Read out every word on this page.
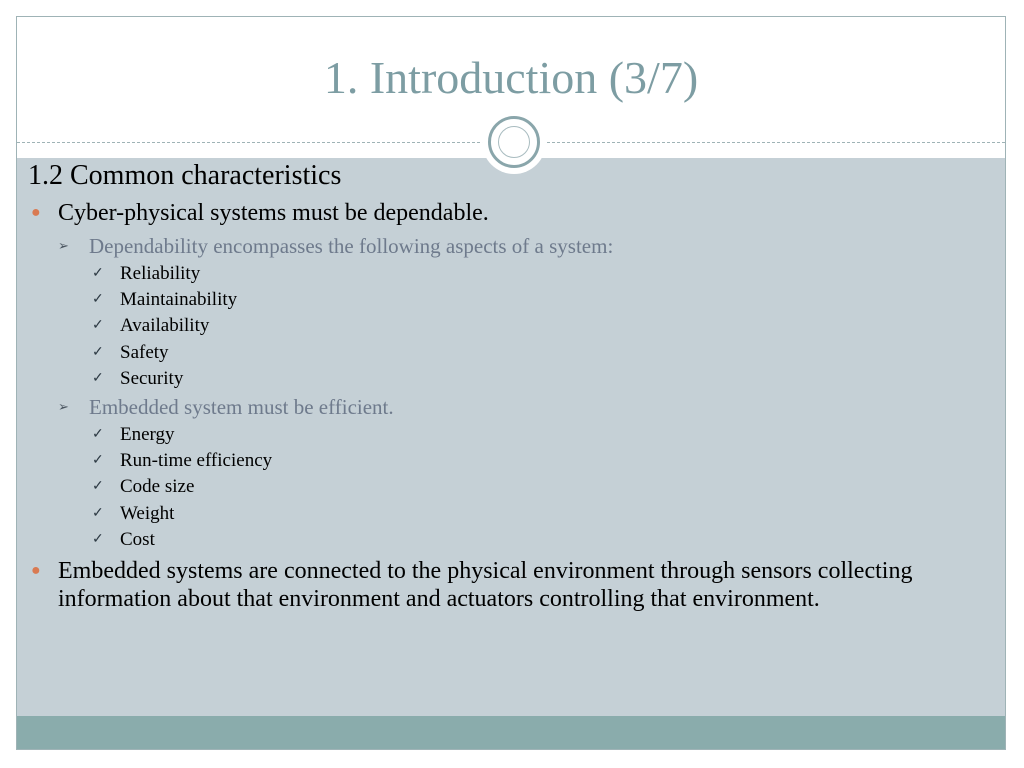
1. Introduction (3/7)
1.2 Common characteristics
● Cyber-physical systems must be dependable.
➢ Dependability encompasses the following aspects of a system:
✓ Reliability
✓ Maintainability
✓ Availability
✓ Safety
✓ Security
➢ Embedded system must be efficient.
✓ Energy
✓ Run-time efficiency
✓ Code size
✓ Weight
✓ Cost
● Embedded systems are connected to the physical environment through sensors collecting information about that environment and actuators controlling that environment.
